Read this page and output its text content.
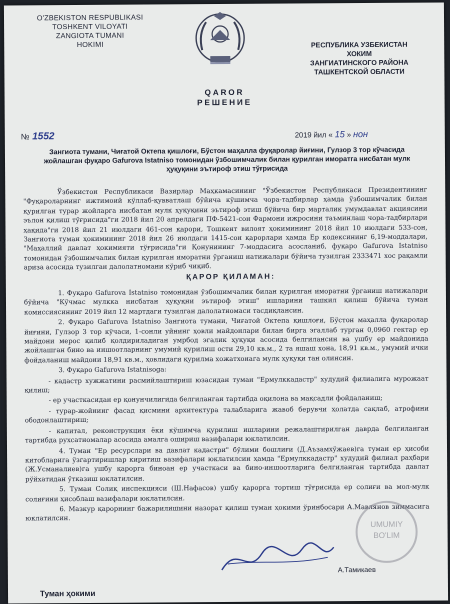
O'ZBEKISTON RESPUBLIKASI
TOSHKENT VILOYATI
ZANGIOTA TUMANI
HOKIMI	РЕСПУБЛИКА УЗБЕКИСТАН
ХОКИМ
ЗАНГИАТИНСКОГО РАЙОНА
ТАШКЕНТСКОЙ ОБЛАСТИ
QAROR
РЕШЕНИЕ
№ 1552	2019 йил « 15 » нон
Зангиота тумани, Чиғатой Октепа қишлоғи, Бўстон маҳалла фуқаролар йиғини, Гулзор 3 тор кўчасида жойлашган фуқаро Gafurova Istatnisо томонидан ўзбошимчалик билан қурилган иморатга нисбатан мулк ҳуқуқини эътироф этиш тўғрисида
Ўзбекистон Республикаси Вазирлар Маҳкамасининг "Ўзбекистон Республикаси Президентининг "Фуқароларнинг ижтимоий кўллаб-қувватлаш бўйича кўшимча чора-тадбирлар ҳамда ўзбошимчалик билан қурилган турар жойларга нисбатан мулк ҳуқуқини эътироф этиш бўйича бир марталик умумдавлат акциясини эълон қилиш тўғрисида"ги 2018 йил 20 апрелдаги ПФ-5421-сон Фармони ижросини таъминлаш чора-тадбирлари ҳақида"ги 2018 йил 21 июлдаги 461-сон қарори, Тошкент вилоят ҳокимининг 2018 йил 10 июлдаги 533-сон, Зангиота туман ҳокимининг 2018 йил 26 июлдаги 1415-сон қарорлари ҳамда Ер кодексининг 6,19-моддалари, "Маҳаллий давлат ҳокимияти тўғрисида"ги Қонунининг 7-моддасига асосланиб, фуқаро Gafurova Istatnisо томонидан ўзбошимчалик билан қурилган иморатни ўрганиш натижалари бўйича тузилган 2333471 хос рақамли аризa асосида тузилган далолатномани кўриб чиқиб.
ҚАРОР ҚИЛАМАН:

1. Фуқаро Gafurova Istatnisо томонидан ўзбошимчалик билан қурилган иморатни ўрганиш натижалари бўйича "Кўчмас мулкка нисбатан ҳуқуқни эътироф этиш" ишларини ташкил қилиш бўйича туман комиссиясининг 2019 йил 12 мартдаги тузилган далолатномаси тасдиқлансин.

2. Фуқаро Gafurova Istatnisо Зангиота тумани, Чиғатой Октепа қишлоғи, Бўстон маҳалла фуқаролар йиғини, Гулзор 3 тор кўчаси, 1-сонли уйнинг ҳовли майдонлари билан бирга эгаллаб турган 0,0960 гектар ер майдони мерос қилиб қолдириладиган умрбод эгалик ҳуқуқи асосида белгилансин ва ушбу ер майдонида жойлашган бино ва иншоотларнинг умумий қурилиш ости 29,10 кв.м., 2 та яшаш хона, 18,91 кв.м., умумий ички фойдаланиш майдони 18,91 кв.м., ҳовлидаги қурилма хожатхонага мулк ҳуқуқи тан олинсин.

3. Фуқаро Gafurova Istatnisоga:

- кадастр хужжатини расмийлаштириш юзасидан туман "Ермулккадастр" худудий филиалига мурожаат қилиш;

- ер участкасидан ер қонунчилигида белгиланган тартибда оқилона ва мақсадли фойдаланиш;

- турар-жойнинг фасад қисмини архитектура талабларига жавоб берувчи ҳолатда сақлаб, атрофини ободонлаштириш;

- капитал, реконструкция ёки кўшимча қурилиш ишларини режалаштирилган даврда белгиланган тартибда рухсатномалар асосида амалга ошириш вазифалари юклатилсин.

4. Туман "Ер ресурслари ва давлат кадастри" бўлими бошлиғи (Д.Аъзамхўжаев)га туман ер ҳисоби китобларига ўзгартиришлар киритиш вазифалари юклатилсин ҳамда "Ермулккадастр" худудий филиал раҳбари (Ж.Усманалиев)га ушбу қарорга биноан ер участкаси ва бино-иншоотларига белгиланган тартибда давлат рўйхатидан ўтказиш юклатилсин.

5. Туман Солиқ инспекцияси (Ш.Нафасов) ушбу қарорга тортиш тўғрисида ер солиғи ва мол-мулк солиғини ҳисоблаш вазифалари юклатилсин.

6. Мазкур қарорнинг бажарилишини назорат қилиш туман ҳокими ўринбосари А.Мавлянов зиммасига юклатилсин.

UMUMIY
BO'LIM
А.Тамикаев
Туман ҳокими
